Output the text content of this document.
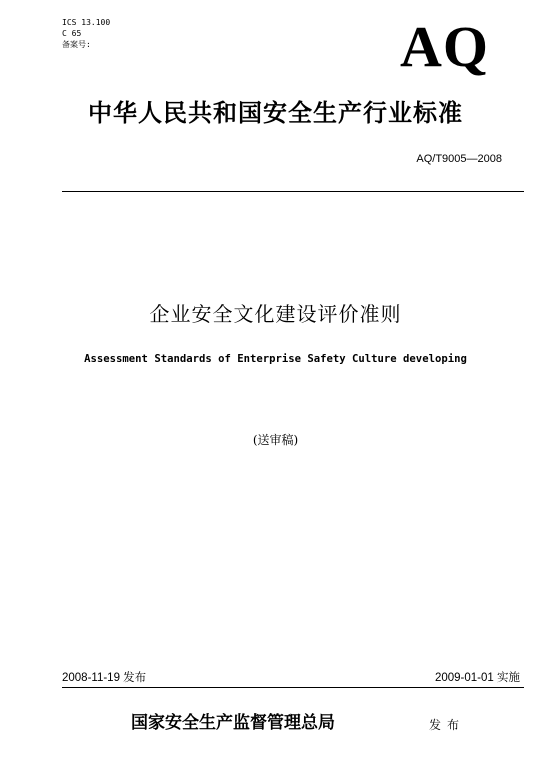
ICS 13.100
C 65
备案号:	AQ
中华人民共和国安全生产行业标准
AQ/T9005—2008
企业安全文化建设评价准则
Assessment Standards of Enterprise Safety Culture developing
(送审稿)
2008-11-19 发布	2009-01-01 实施
国家安全生产监督管理总局	发布
